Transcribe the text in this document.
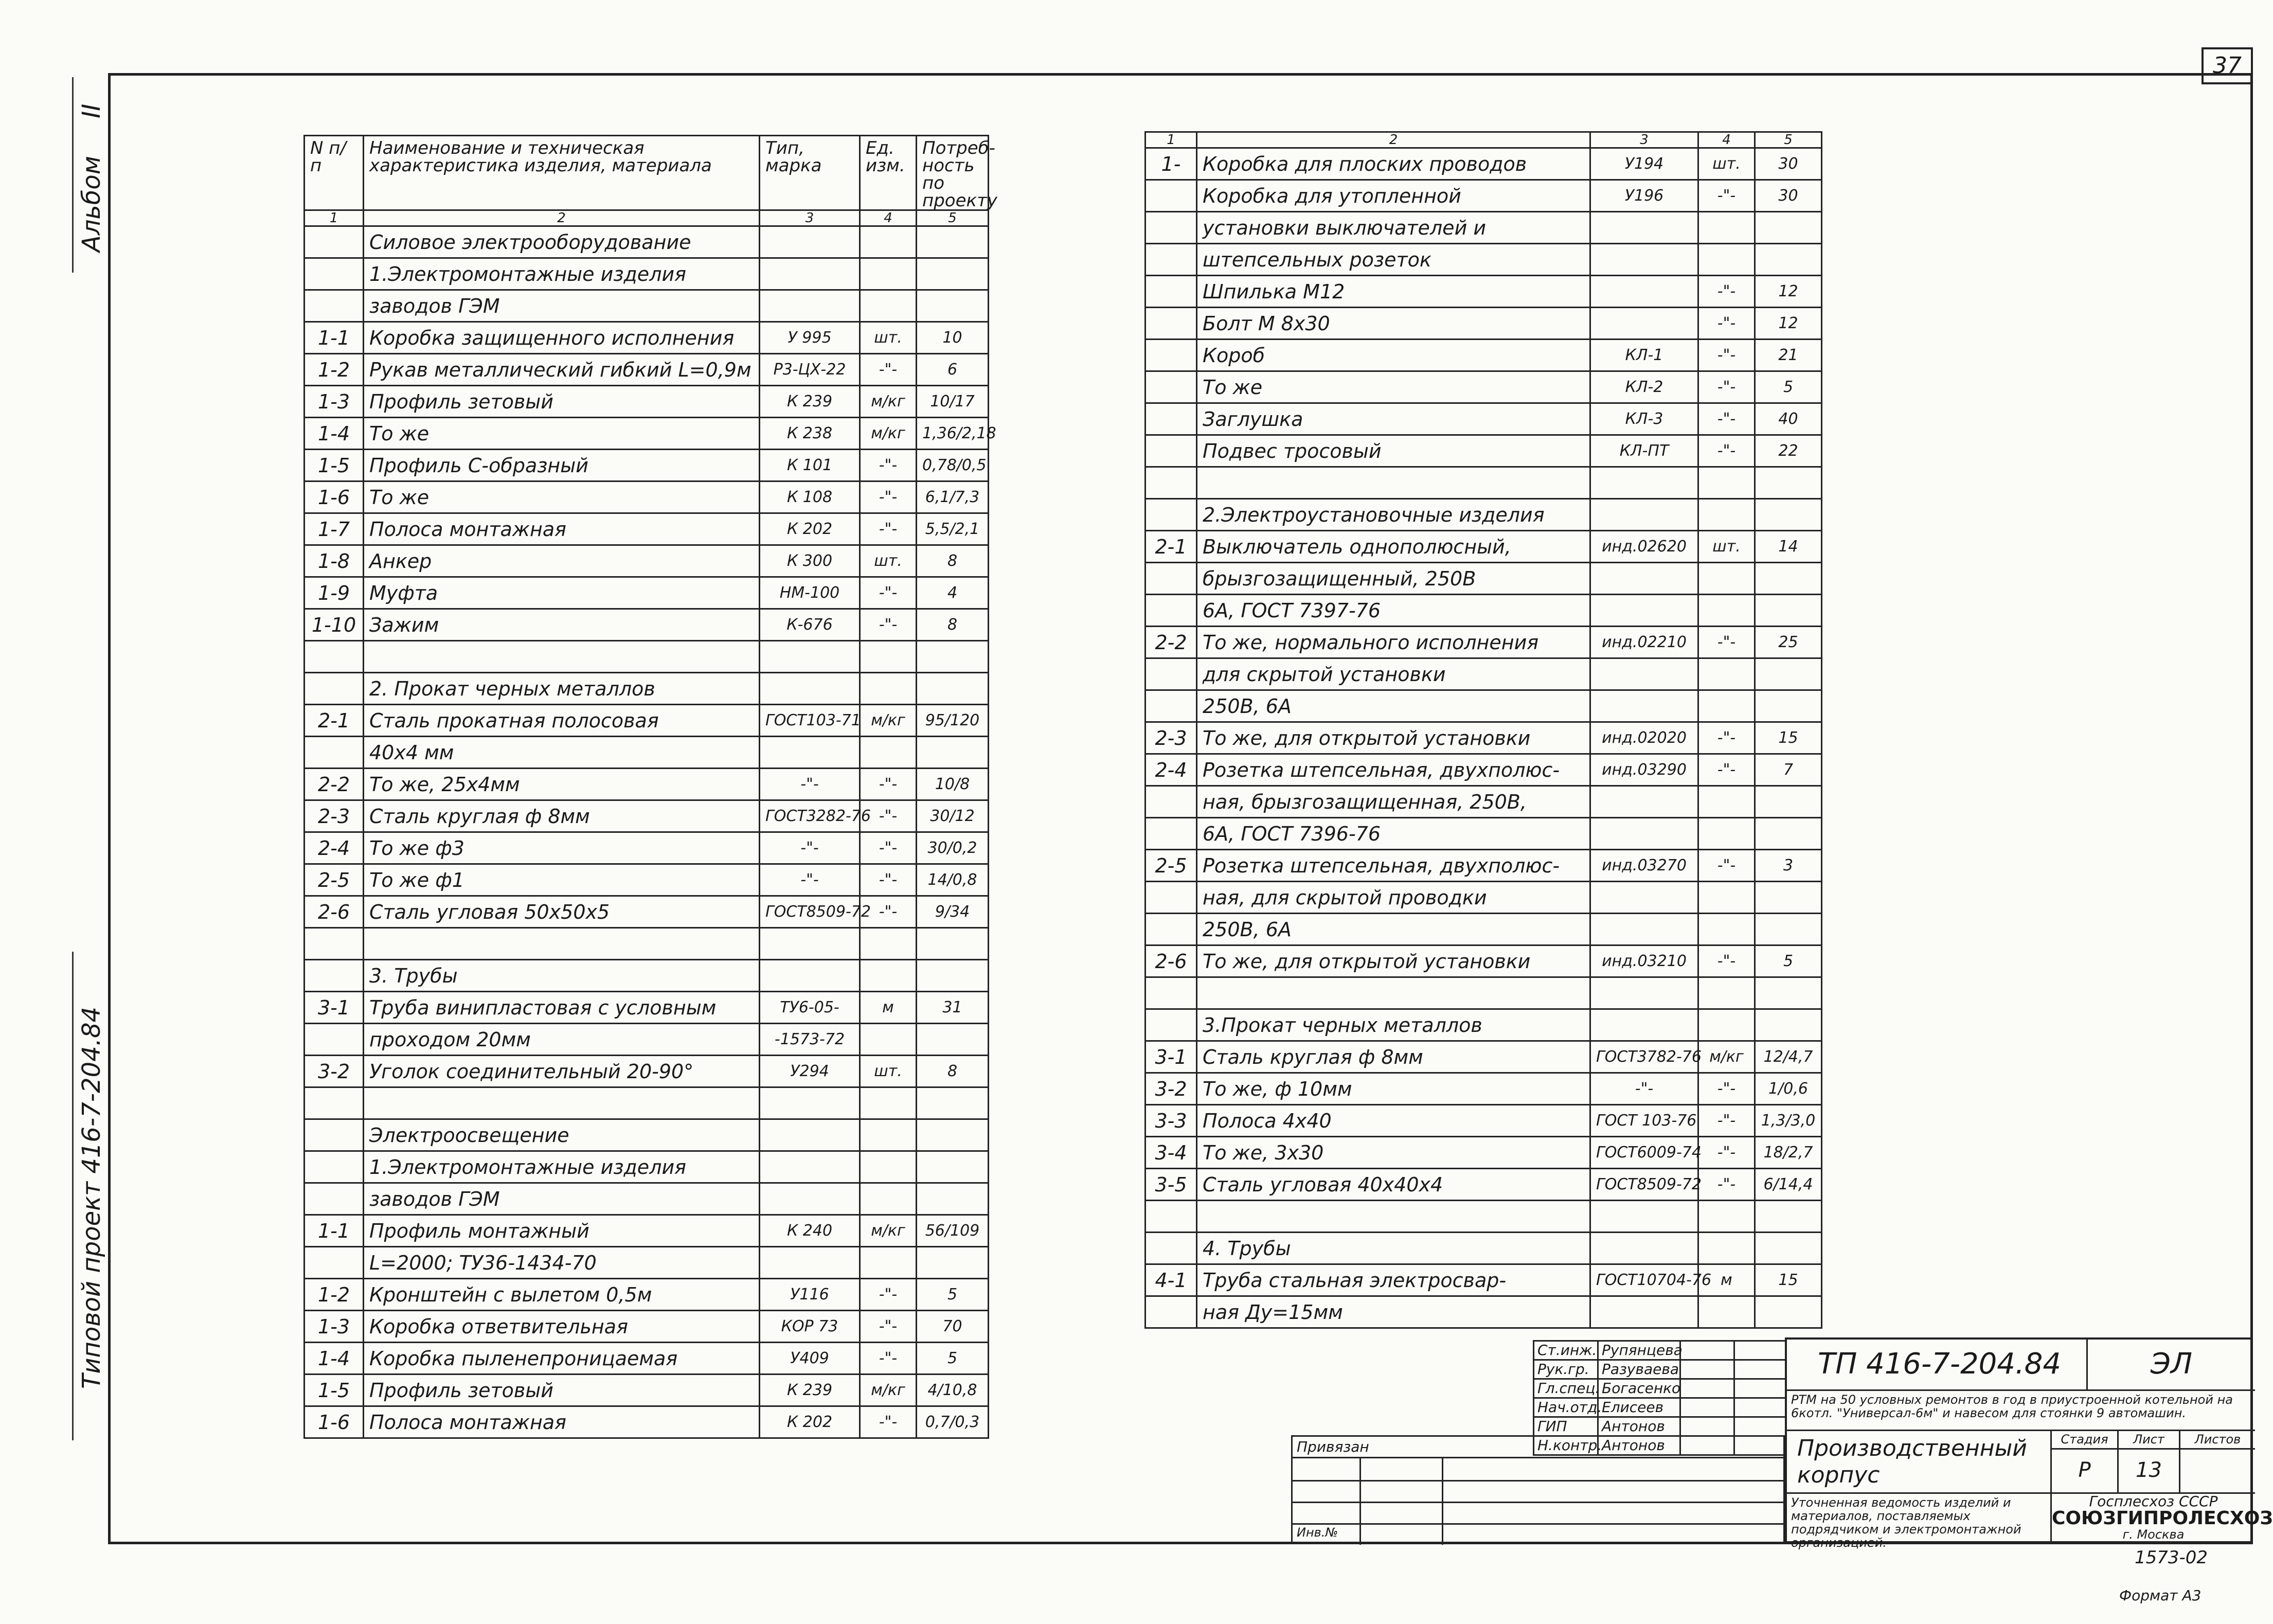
37
Альбом
II
Типовой проект 416-7-204.84
N п/п	Наименование и техническая характеристика изделия, материала	Тип, марка	Ед. изм.	Потреб-ность по проекту
1	2	3	4	5
	Силовое электрооборудование			
	1.Электромонтажные изделия			
	заводов ГЭМ			
1-1	Коробка защищенного исполнения	У 995	шт.	10
1-2	Рукав металлический гибкий L=0,9м	Р3-ЦХ-22	-"-	6
1-3	Профиль зетовый	К 239	м/кг	10/17
1-4	То же	К 238	м/кг	1,36/2,18
1-5	Профиль С-образный	К 101	-"-	0,78/0,5
1-6	То же	К 108	-"-	6,1/7,3
1-7	Полоса монтажная	К 202	-"-	5,5/2,1
1-8	Анкер	К 300	шт.	8
1-9	Муфта	НМ-100	-"-	4
1-10	Зажим	К-676	-"-	8

	2. Прокат черных металлов			
2-1	Сталь прокатная полосовая	ГОСТ103-71	м/кг	95/120
	40х4 мм			
2-2	То же, 25х4мм	-"-	-"-	10/8
2-3	Сталь круглая ф 8мм	ГОСТ3282-76	-"-	30/12
2-4	То же ф3	-"-	-"-	30/0,2
2-5	То же ф1	-"-	-"-	14/0,8
2-6	Сталь угловая 50х50х5	ГОСТ8509-72	-"-	9/34

	3. Трубы			
3-1	Труба винипластовая с условным	ТУ6-05-	м	31
	проходом 20мм	-1573-72		
3-2	Уголок соединительный 20-90°	У294	шт.	8

	Электроосвещение			
	1.Электромонтажные изделия			
	заводов ГЭМ			
1-1	Профиль монтажный	К 240	м/кг	56/109
	L=2000; ТУ36-1434-70			
1-2	Кронштейн с вылетом 0,5м	У116	-"-	5
1-3	Коробка ответвительная	КОР 73	-"-	70
1-4	Коробка пыленепроницаемая	У409	-"-	5
1-5	Профиль зетовый	К 239	м/кг	4/10,8
1-6	Полоса монтажная	К 202	-"-	0,7/0,3
1	2	3	4	5
1-	Коробка для плоских проводов	У194	шт.	30
	Коробка для утопленной	У196	-"-	30
	установки выключателей и			
	штепсельных розеток			
	Шпилька М12		-"-	12
	Болт М 8х30		-"-	12
	Короб	КЛ-1	-"-	21
	То же	КЛ-2	-"-	5
	Заглушка	КЛ-3	-"-	40
	Подвес тросовый	КЛ-ПТ	-"-	22

	2.Электроустановочные изделия			
2-1	Выключатель однополюсный,	инд.02620	шт.	14
	брызгозащищенный, 250В			
	6А, ГОСТ 7397-76			
2-2	То же, нормального исполнения	инд.02210	-"-	25
	для скрытой установки			
	250В, 6А			
2-3	То же, для открытой установки	инд.02020	-"-	15
2-4	Розетка штепсельная, двухполюс-	инд.03290	-"-	7
	ная, брызгозащищенная, 250В,			
	6А, ГОСТ 7396-76			
2-5	Розетка штепсельная, двухполюс-	инд.03270	-"-	3
	ная, для скрытой проводки			
	250В, 6А			
2-6	То же, для открытой установки	инд.03210	-"-	5

	3.Прокат черных металлов			
3-1	Сталь круглая ф 8мм	ГОСТ3782-76	м/кг	12/4,7
3-2	То же, ф 10мм	-"-	-"-	1/0,6
3-3	Полоса 4х40	ГОСТ 103-76	-"-	1,3/3,0
3-4	То же, 3х30	ГОСТ6009-74	-"-	18/2,7
3-5	Сталь угловая 40х40х4	ГОСТ8509-72	-"-	6/14,4

	4. Трубы			
4-1	Труба стальная электросвар-	ГОСТ10704-76	м	15
	ная Ду=15мм			
Ст.инж.	Рупянцева		
Рук.гр.	Разуваева		
Гл.спец.	Богасенко		
Нач.отд.	Елисеев		
ГИП	Антонов		
Н.контр.	Антонов		
Привязан
Инв.№
ТП 416-7-204.84	ЭЛ
РТМ на 50 условных ремонтов в год в приустроенной котельной на 6котл. "Универсал-6м" и навесом для стоянки 9 автомашин.
Производственный корпус
Стадия	Лист	Листов
Р	13
Уточненная ведомость изделий и материалов, поставляемых подрядчиком и электромонтажной организацией.
Госплесхоз СССР
СОЮЗГИПРОЛЕСХОЗ
г. Москва
1573-02
Формат А3
